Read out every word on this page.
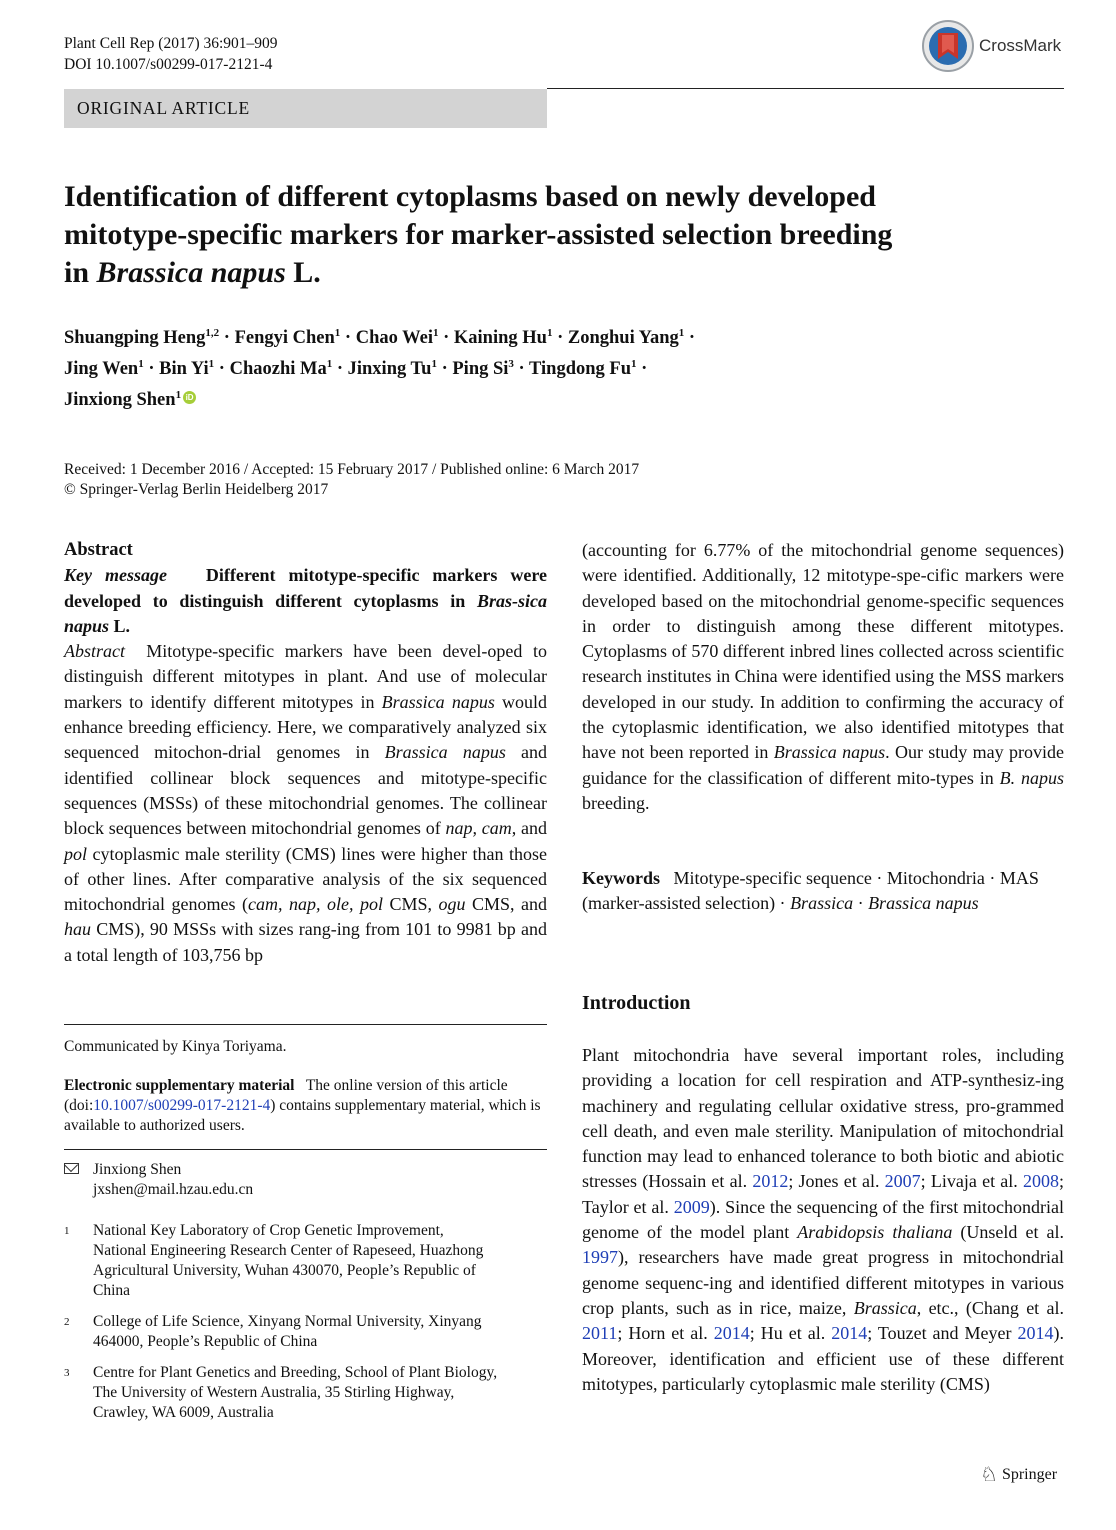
Plant Cell Rep (2017) 36:901–909
DOI 10.1007/s00299-017-2121-4
CrossMark
ORIGINAL ARTICLE
Identification of different cytoplasms based on newly developed
mitotype-specific markers for marker-assisted selection breeding
in Brassica napus L.
Shuangping Heng$^{1,2}$ · Fengyi Chen$^1$ · Chao Wei$^1$ · Kaining $Hu^1$ · Zonghui Yang$^1$ ·
Jing Wen$^1$ · Bin $Yi^1$ · Chaozhi $Ma^1$ · Jinxing $Tu^1$ · Ping $Si^3$ · Tingdong $Fu^1$ ·
Jinxiong Shen$^1$ iD
Received: 1 December 2016 / Accepted: 15 February 2017 / Published online: 6 March 2017
© Springer-Verlag Berlin Heidelberg 2017
Abstract
Key message Different mitotype-specific markers were developed to distinguish different cytoplasms in Bras-sica napus L.
Abstract Mitotype-specific markers have been devel-oped to distinguish different mitotypes in plant. And use of molecular markers to identify different mitotypes in Brassica napus would enhance breeding efficiency. Here, we comparatively analyzed six sequenced mitochon-drial genomes in Brassica napus and identified collinear block sequences and mitotype-specific sequences (MSSs) of these mitochondrial genomes. The collinear block sequences between mitochondrial genomes of nap, cam, and pol cytoplasmic male sterility (CMS) lines were higher than those of other lines. After comparative analysis of the six sequenced mitochondrial genomes (cam, nap, ole, pol CMS, ogu CMS, and hau CMS), 90 MSSs with sizes rang-ing from 101 to 9981 bp and a total length of 103,756 bp
Communicated by Kinya Toriyama.
Electronic supplementary material The online version of this article (doi:10.1007/s00299-017-2121-4) contains supplementary material, which is available to authorized users.
Jinxiong Shen
jxshen@mail.hzau.edu.cn
1 National Key Laboratory of Crop Genetic Improvement, National Engineering Research Center of Rapeseed, Huazhong Agricultural University, Wuhan 430070, People’s Republic of China
2 College of Life Science, Xinyang Normal University, Xinyang 464000, People’s Republic of China
3 Centre for Plant Genetics and Breeding, School of Plant Biology, The University of Western Australia, 35 Stirling Highway, Crawley, WA 6009, Australia
(accounting for 6.77% of the mitochondrial genome sequences) were identified. Additionally, 12 mitotype-spe-cific markers were developed based on the mitochondrial genome-specific sequences in order to distinguish among these different mitotypes. Cytoplasms of 570 different inbred lines collected across scientific research institutes in China were identified using the MSS markers developed in our study. In addition to confirming the accuracy of the cytoplasmic identification, we also identified mitotypes that have not been reported in Brassica napus. Our study may provide guidance for the classification of different mito-types in B. napus breeding.
Keywords Mitotype-specific sequence · Mitochondria · MAS (marker-assisted selection) · Brassica · Brassica napus
Introduction
Plant mitochondria have several important roles, including providing a location for cell respiration and ATP-synthesiz-ing machinery and regulating cellular oxidative stress, pro-grammed cell death, and even male sterility. Manipulation of mitochondrial function may lead to enhanced tolerance to both biotic and abiotic stresses (Hossain et al. 2012; Jones et al. 2007; Livaja et al. 2008; Taylor et al. 2009). Since the sequencing of the first mitochondrial genome of the model plant Arabidopsis thaliana (Unseld et al. 1997), researchers have made great progress in mitochondrial genome sequenc-ing and identified different mitotypes in various crop plants, such as in rice, maize, Brassica, etc., (Chang et al. 2011; Horn et al. 2014; Hu et al. 2014; Touzet and Meyer 2014). Moreover, identification and efficient use of these different mitotypes, particularly cytoplasmic male sterility (CMS)
♘ Springer
